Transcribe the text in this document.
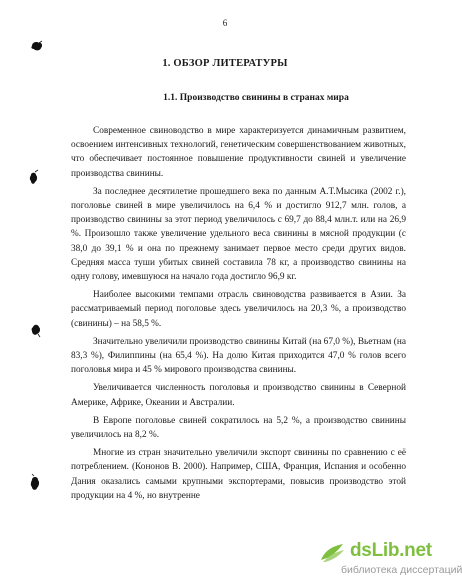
6
1. ОБЗОР ЛИТЕРАТУРЫ
1.1. Производство свинины в странах мира

Современное свиноводство в мире характеризуется динамичным развитием, освоением интенсивных технологий, генетическим совершенствованием животных, что обеспечивает постоянное повышение продуктивности свиней и увеличение производства свинины.

За последнее десятилетие прошедшего века по данным А.Т.Мысика (2002 г.), поголовье свиней в мире увеличилось на 6,4 % и достигло 912,7 млн. голов, а производство свинины за этот период увеличилось с 69,7 до 88,4 млн.т. или на 26,9 %. Произошло также увеличение удельного веса свинины в мясной продукции (с 38,0 до 39,1 % и она по прежнему занимает первое место среди других видов. Средняя масса туши убитых свиней составила 78 кг, а производство свинины на одну голову, имевшуюся на начало года достигло 96,9 кг.

Наиболее высокими темпами отрасль свиноводства развивается в Азии. За рассматриваемый период поголовье здесь увеличилось на 20,3 %, а производство (свинины) – на 58,5 %.

Значительно увеличили производство свинины Китай (на 67,0 %), Вьетнам (на 83,3 %), Филиппины (на 65,4 %). На долю Китая приходится 47,0 % голов всего поголовья мира и 45 % мирового производства свинины.

Увеличивается численность поголовья и производство свинины в Северной Америке, Африке, Океании и Австралии.

В Европе поголовье свиней сократилось на 5,2 %, а производство свинины увеличилось на 8,2 %.

Многие из стран значительно увеличили экспорт свинины по сравнению с её потреблением. (Кононов В. 2000). Например, США, Франция, Испания и особенно Дания оказались самыми крупными экспортерами, повысив производство этой продукции на 4 %, но внутренне

dsLib.net
библиотека диссертаций
